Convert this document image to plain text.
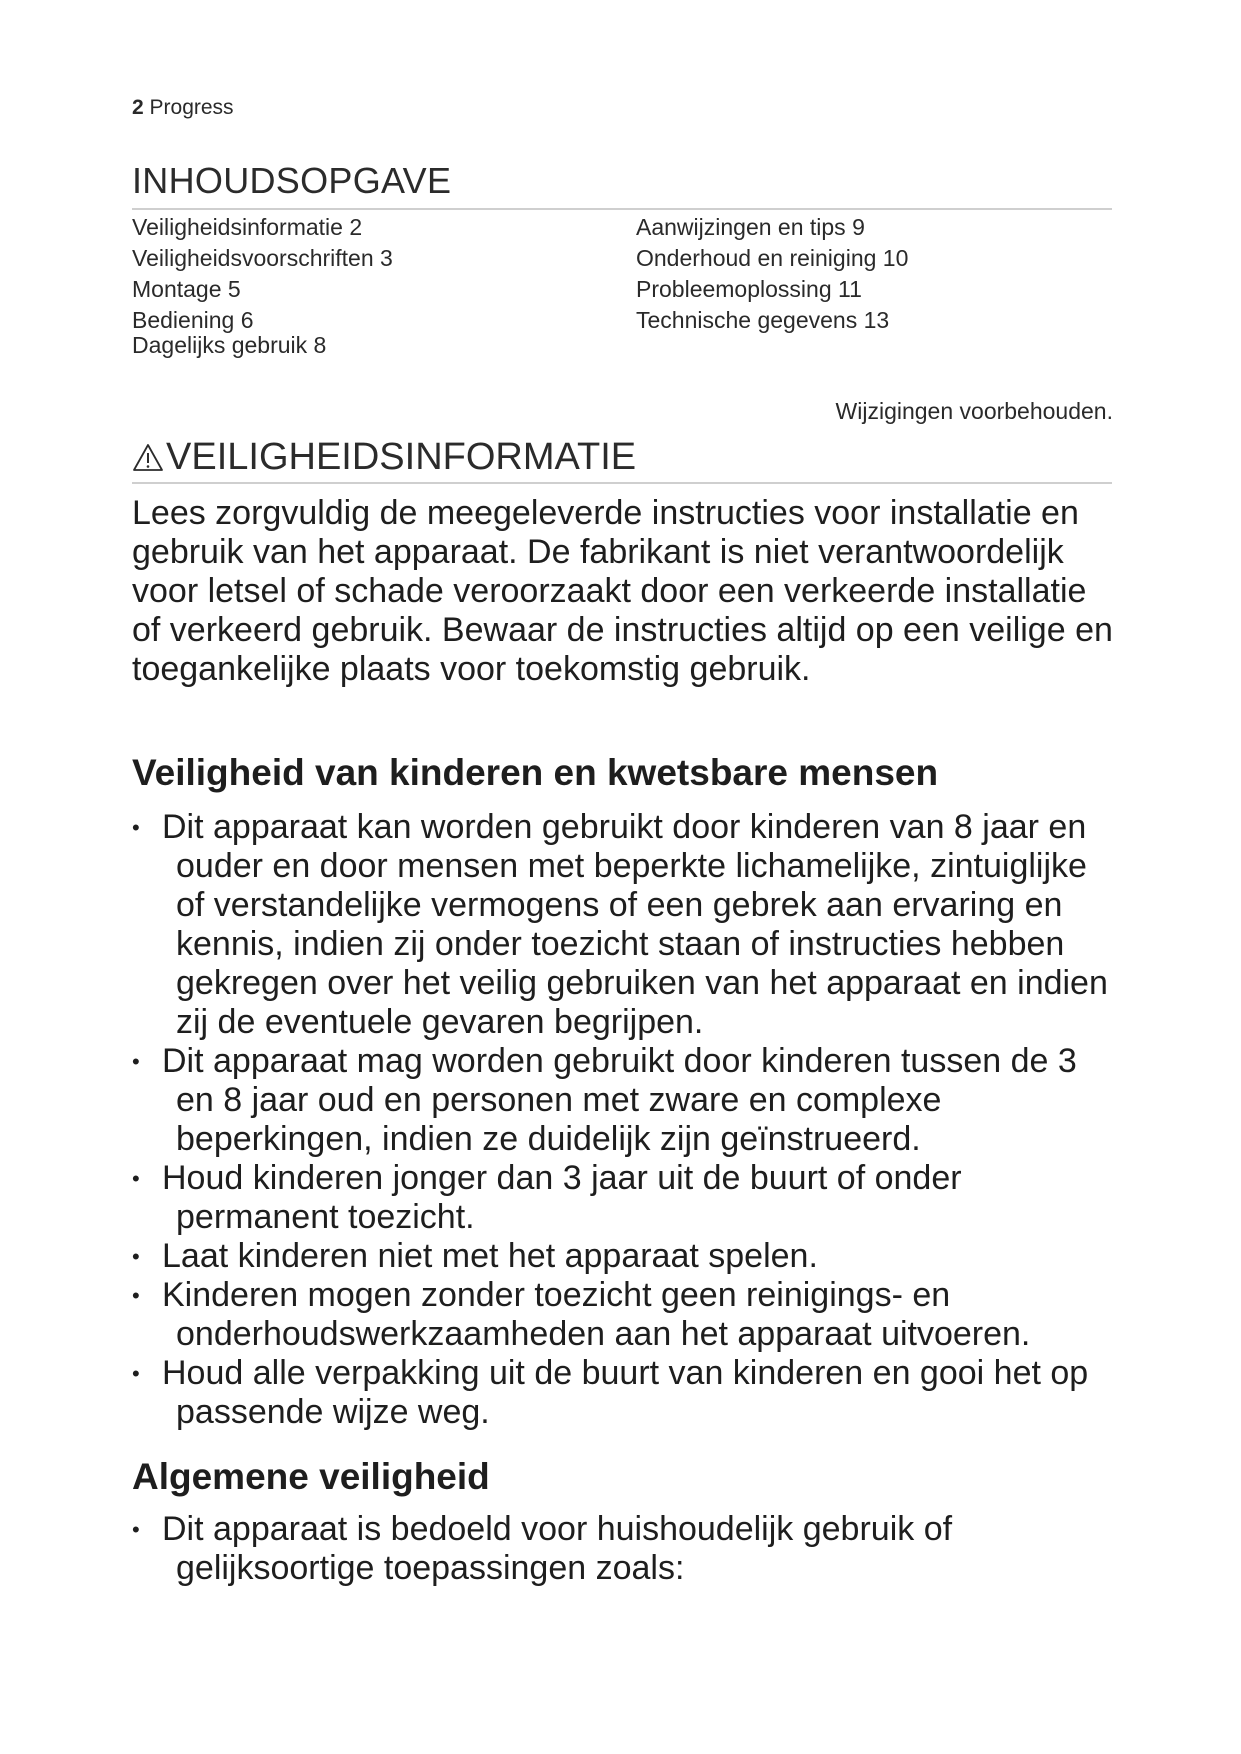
2 Progress
INHOUDSOPGAVE
Veiligheidsinformatie 2
Veiligheidsvoorschriften 3
Montage 5
Bediening 6
Dagelijks gebruik 8
Aanwijzingen en tips 9
Onderhoud en reiniging 10
Probleemoplossing 11
Technische gegevens 13
Wijzigingen voorbehouden.
VEILIGHEIDSINFORMATIE
Lees zorgvuldig de meegeleverde instructies voor installatie en gebruik van het apparaat. De fabrikant is niet verantwoordelijk voor letsel of schade veroorzaakt door een verkeerde installatie of verkeerd gebruik. Bewaar de instructies altijd op een veilige en toegankelijke plaats voor toekomstig gebruik.
Veiligheid van kinderen en kwetsbare mensen
• Dit apparaat kan worden gebruikt door kinderen van 8 jaar en ouder en door mensen met beperkte lichamelijke, zintuiglijke of verstandelijke vermogens of een gebrek aan ervaring en kennis, indien zij onder toezicht staan of instructies hebben gekregen over het veilig gebruiken van het apparaat en indien zij de eventuele gevaren begrijpen.
• Dit apparaat mag worden gebruikt door kinderen tussen de 3 en 8 jaar oud en personen met zware en complexe beperkingen, indien ze duidelijk zijn geïnstrueerd.
• Houd kinderen jonger dan 3 jaar uit de buurt of onder permanent toezicht.
• Laat kinderen niet met het apparaat spelen.
• Kinderen mogen zonder toezicht geen reinigings- en onderhoudswerkzaamheden aan het apparaat uitvoeren.
• Houd alle verpakking uit de buurt van kinderen en gooi het op passende wijze weg.
Algemene veiligheid
• Dit apparaat is bedoeld voor huishoudelijk gebruik of gelijksoortige toepassingen zoals:
